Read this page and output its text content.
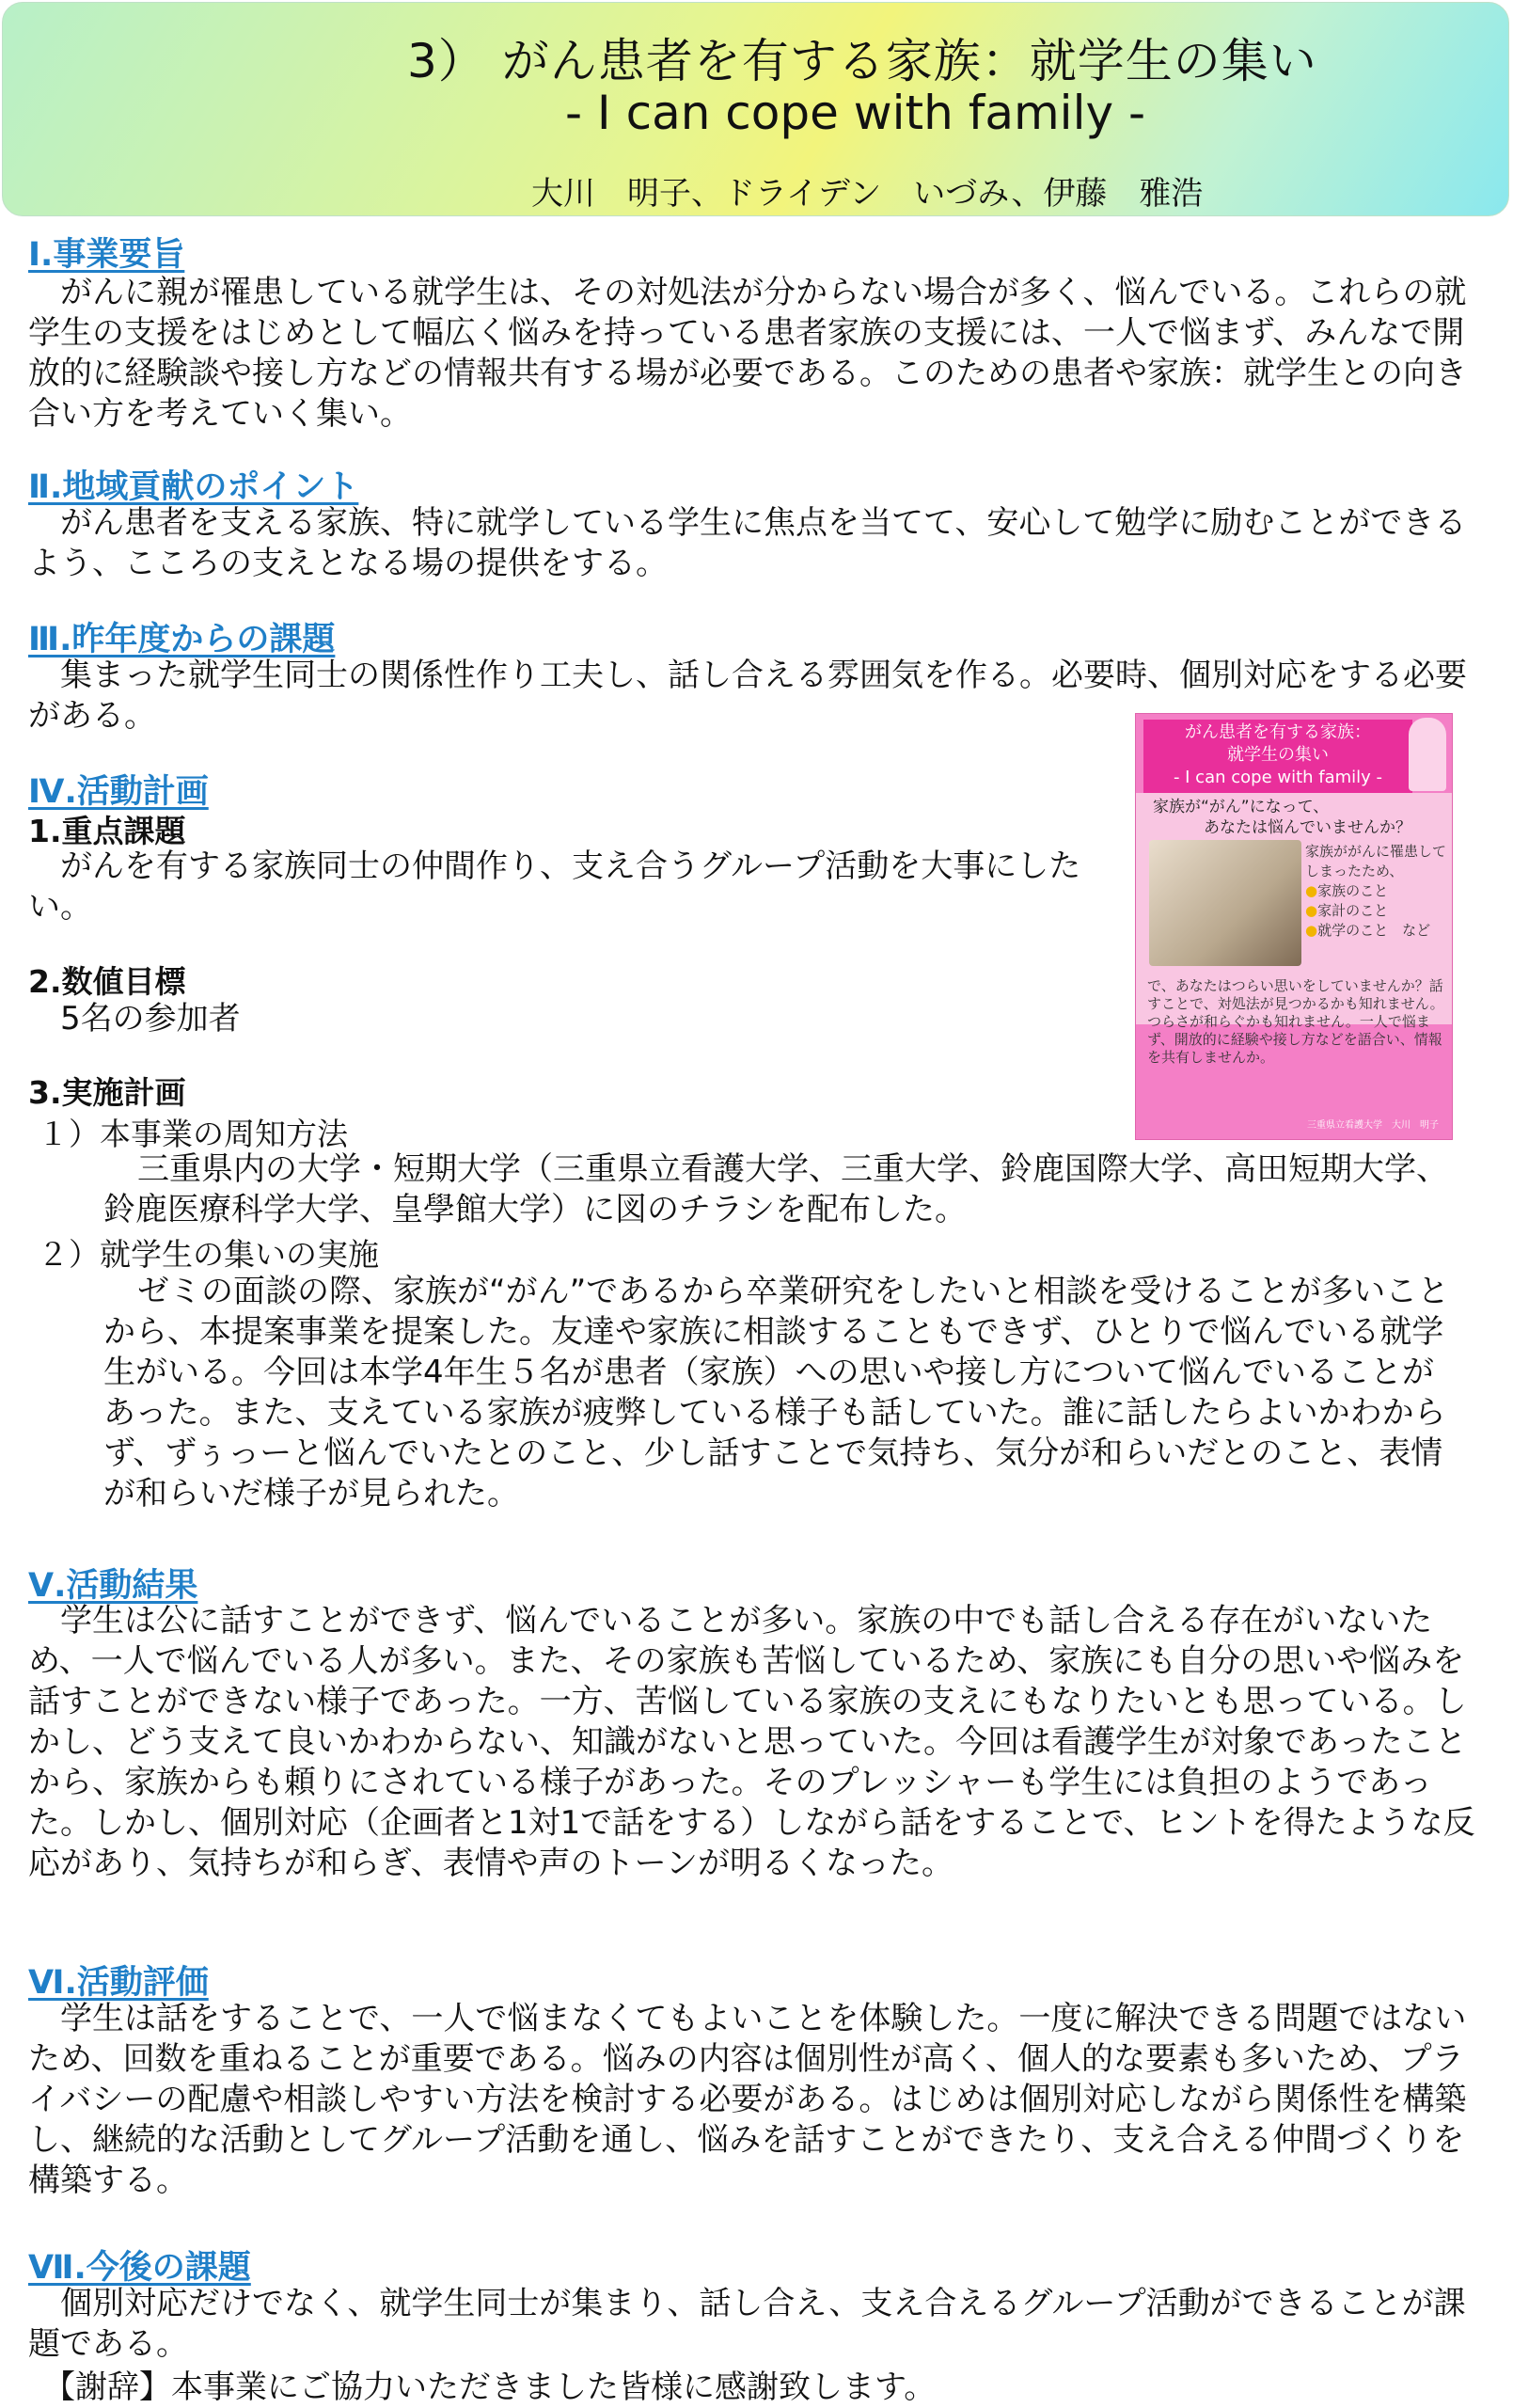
3） がん患者を有する家族：就学生の集い
- I can cope with family -
大川　明子、ドライデン　いづみ、伊藤　雅浩
Ⅰ.事業要旨

がんに親が罹患している就学生は、その対処法が分からない場合が多く、悩んでいる。これらの就学生の支援をはじめとして幅広く悩みを持っている患者家族の支援には、一人で悩まず、みんなで開放的に経験談や接し方などの情報共有する場が必要である。このための患者や家族：就学生との向き合い方を考えていく集い。

Ⅱ.地域貢献のポイント

がん患者を支える家族、特に就学している学生に焦点を当てて、安心して勉学に励むことができるよう、こころの支えとなる場の提供をする。

Ⅲ.昨年度からの課題

集まった就学生同士の関係性作り工夫し、話し合える雰囲気を作る。必要時、個別対応をする必要がある。

Ⅳ.活動計画
1.重点課題

がんを有する家族同士の仲間作り、支え合うグループ活動を大事にしたい。

2.数値目標

5名の参加者

3.実施計画
１）本事業の周知方法

三重県内の大学・短期大学（三重県立看護大学、三重大学、鈴鹿国際大学、高田短期大学、鈴鹿医療科学大学、皇學館大学）に図のチラシを配布した。

２）就学生の集いの実施

ゼミの面談の際、家族が“がん”であるから卒業研究をしたいと相談を受けることが多いことから、本提案事業を提案した。友達や家族に相談することもできず、ひとりで悩んでいる就学生がいる。今回は本学4年生５名が患者（家族）への思いや接し方について悩んでいることがあった。また、支えている家族が疲弊している様子も話していた。誰に話したらよいかわからず、ずぅっーと悩んでいたとのこと、少し話すことで気持ち、気分が和らいだとのこと、表情が和らいだ様子が見られた。

がん患者を有する家族：
就学生の集い
- I can cope with family -
家族が“がん”になって、
あなたは悩んでいませんか？
家族ががんに罹患してしまったため、
●家族のこと
●家計のこと
●就学のこと　など
で、あなたはつらい思いをしていませんか？話すことで、対処法が見つかるかも知れません。つらさが和らぐかも知れません。一人で悩まず、開放的に経験や接し方などを語合い、情報を共有しませんか。
三重県立看護大学　大川　明子
Ⅴ.活動結果

学生は公に話すことができず、悩んでいることが多い。家族の中でも話し合える存在がいないため、一人で悩んでいる人が多い。また、その家族も苦悩しているため、家族にも自分の思いや悩みを話すことができない様子であった。一方、苦悩している家族の支えにもなりたいとも思っている。しかし、どう支えて良いかわからない、知識がないと思っていた。今回は看護学生が対象であったことから、家族からも頼りにされている様子があった。そのプレッシャーも学生には負担のようであった。しかし、個別対応（企画者と1対1で話をする）しながら話をすることで、ヒントを得たような反応があり、気持ちが和らぎ、表情や声のトーンが明るくなった。

Ⅵ.活動評価

学生は話をすることで、一人で悩まなくてもよいことを体験した。一度に解決できる問題ではないため、回数を重ねることが重要である。悩みの内容は個別性が高く、個人的な要素も多いため、プライバシーの配慮や相談しやすい方法を検討する必要がある。はじめは個別対応しながら関係性を構築し、継続的な活動としてグループ活動を通し、悩みを話すことができたり、支え合える仲間づくりを構築する。

Ⅶ.今後の課題

個別対応だけでなく、就学生同士が集まり、話し合え、支え合えるグループ活動ができることが課題である。

【謝辞】本事業にご協力いただきました皆様に感謝致します。
